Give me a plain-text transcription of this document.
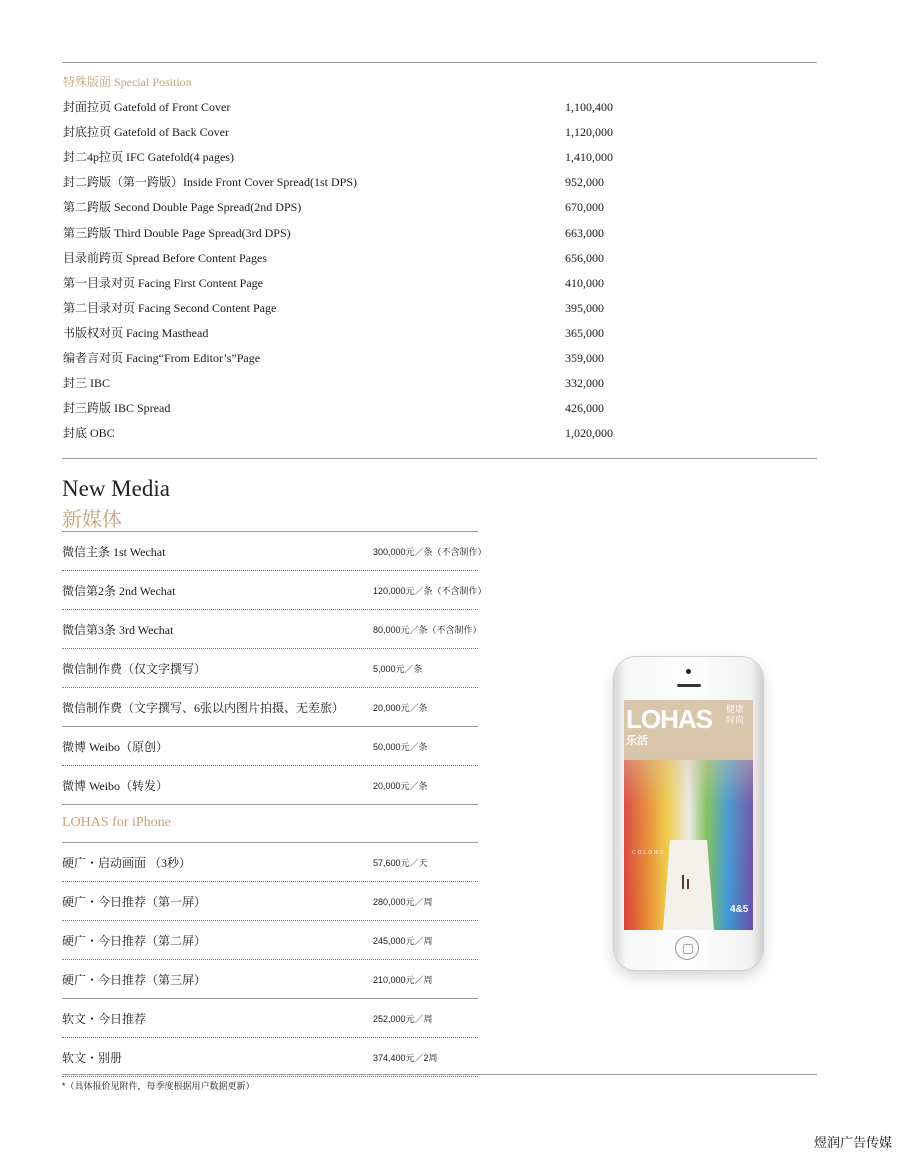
特殊版面 Special Position
封面拉页 Gatefold of Front Cover	1,100,400
封底拉页 Gatefold of Back Cover	1,120,000
封二4p拉页 IFC Gatefold(4 pages)	1,410,000
封二跨版（第一跨版）Inside Front Cover Spread(1st DPS)	952,000
第二跨版 Second Double Page Spread(2nd DPS)	670,000
第三跨版 Third Double Page Spread(3rd DPS)	663,000
目录前跨页 Spread Before Content Pages	656,000
第一目录对页 Facing First Content Page	410,000
第二目录对页 Facing Second Content Page	395,000
书版权对页 Facing Masthead	365,000
编者言对页 Facing“From Editor’s”Page	359,000
封三 IBC	332,000
封三跨版 IBC Spread	426,000
封底 OBC	1,020,000
New Media
新媒体
微信主条 1st Wechat	300,000元／条（不含制作）
微信第2条 2nd Wechat	120,000元／条（不含制作）
微信第3条 3rd Wechat	80,000元／条（不含制作）
微信制作费（仅文字撰写）	5,000元／条
微信制作费（文字撰写、6张以内图片拍摄、无差旅）	20,000元／条
微博 Weibo（原创）	50,000元／条
微博 Weibo（转发）	20,000元／条
LOHAS for iPhone
硬广・启动画面 （3秒）	57,600元／天
硬广・今日推荐（第一屏）	280,000元／周
硬广・今日推荐（第二屏）	245,000元／周
硬广・今日推荐（第三屏）	210,000元／周
软文・今日推荐	252,000元／周
软文・别册	374,400元／2周
LOHAS
乐活
健康时尚
COLORS
4&5
*（具体报价见附件，每季度根据用户数据更新）
煜润广告传媒
